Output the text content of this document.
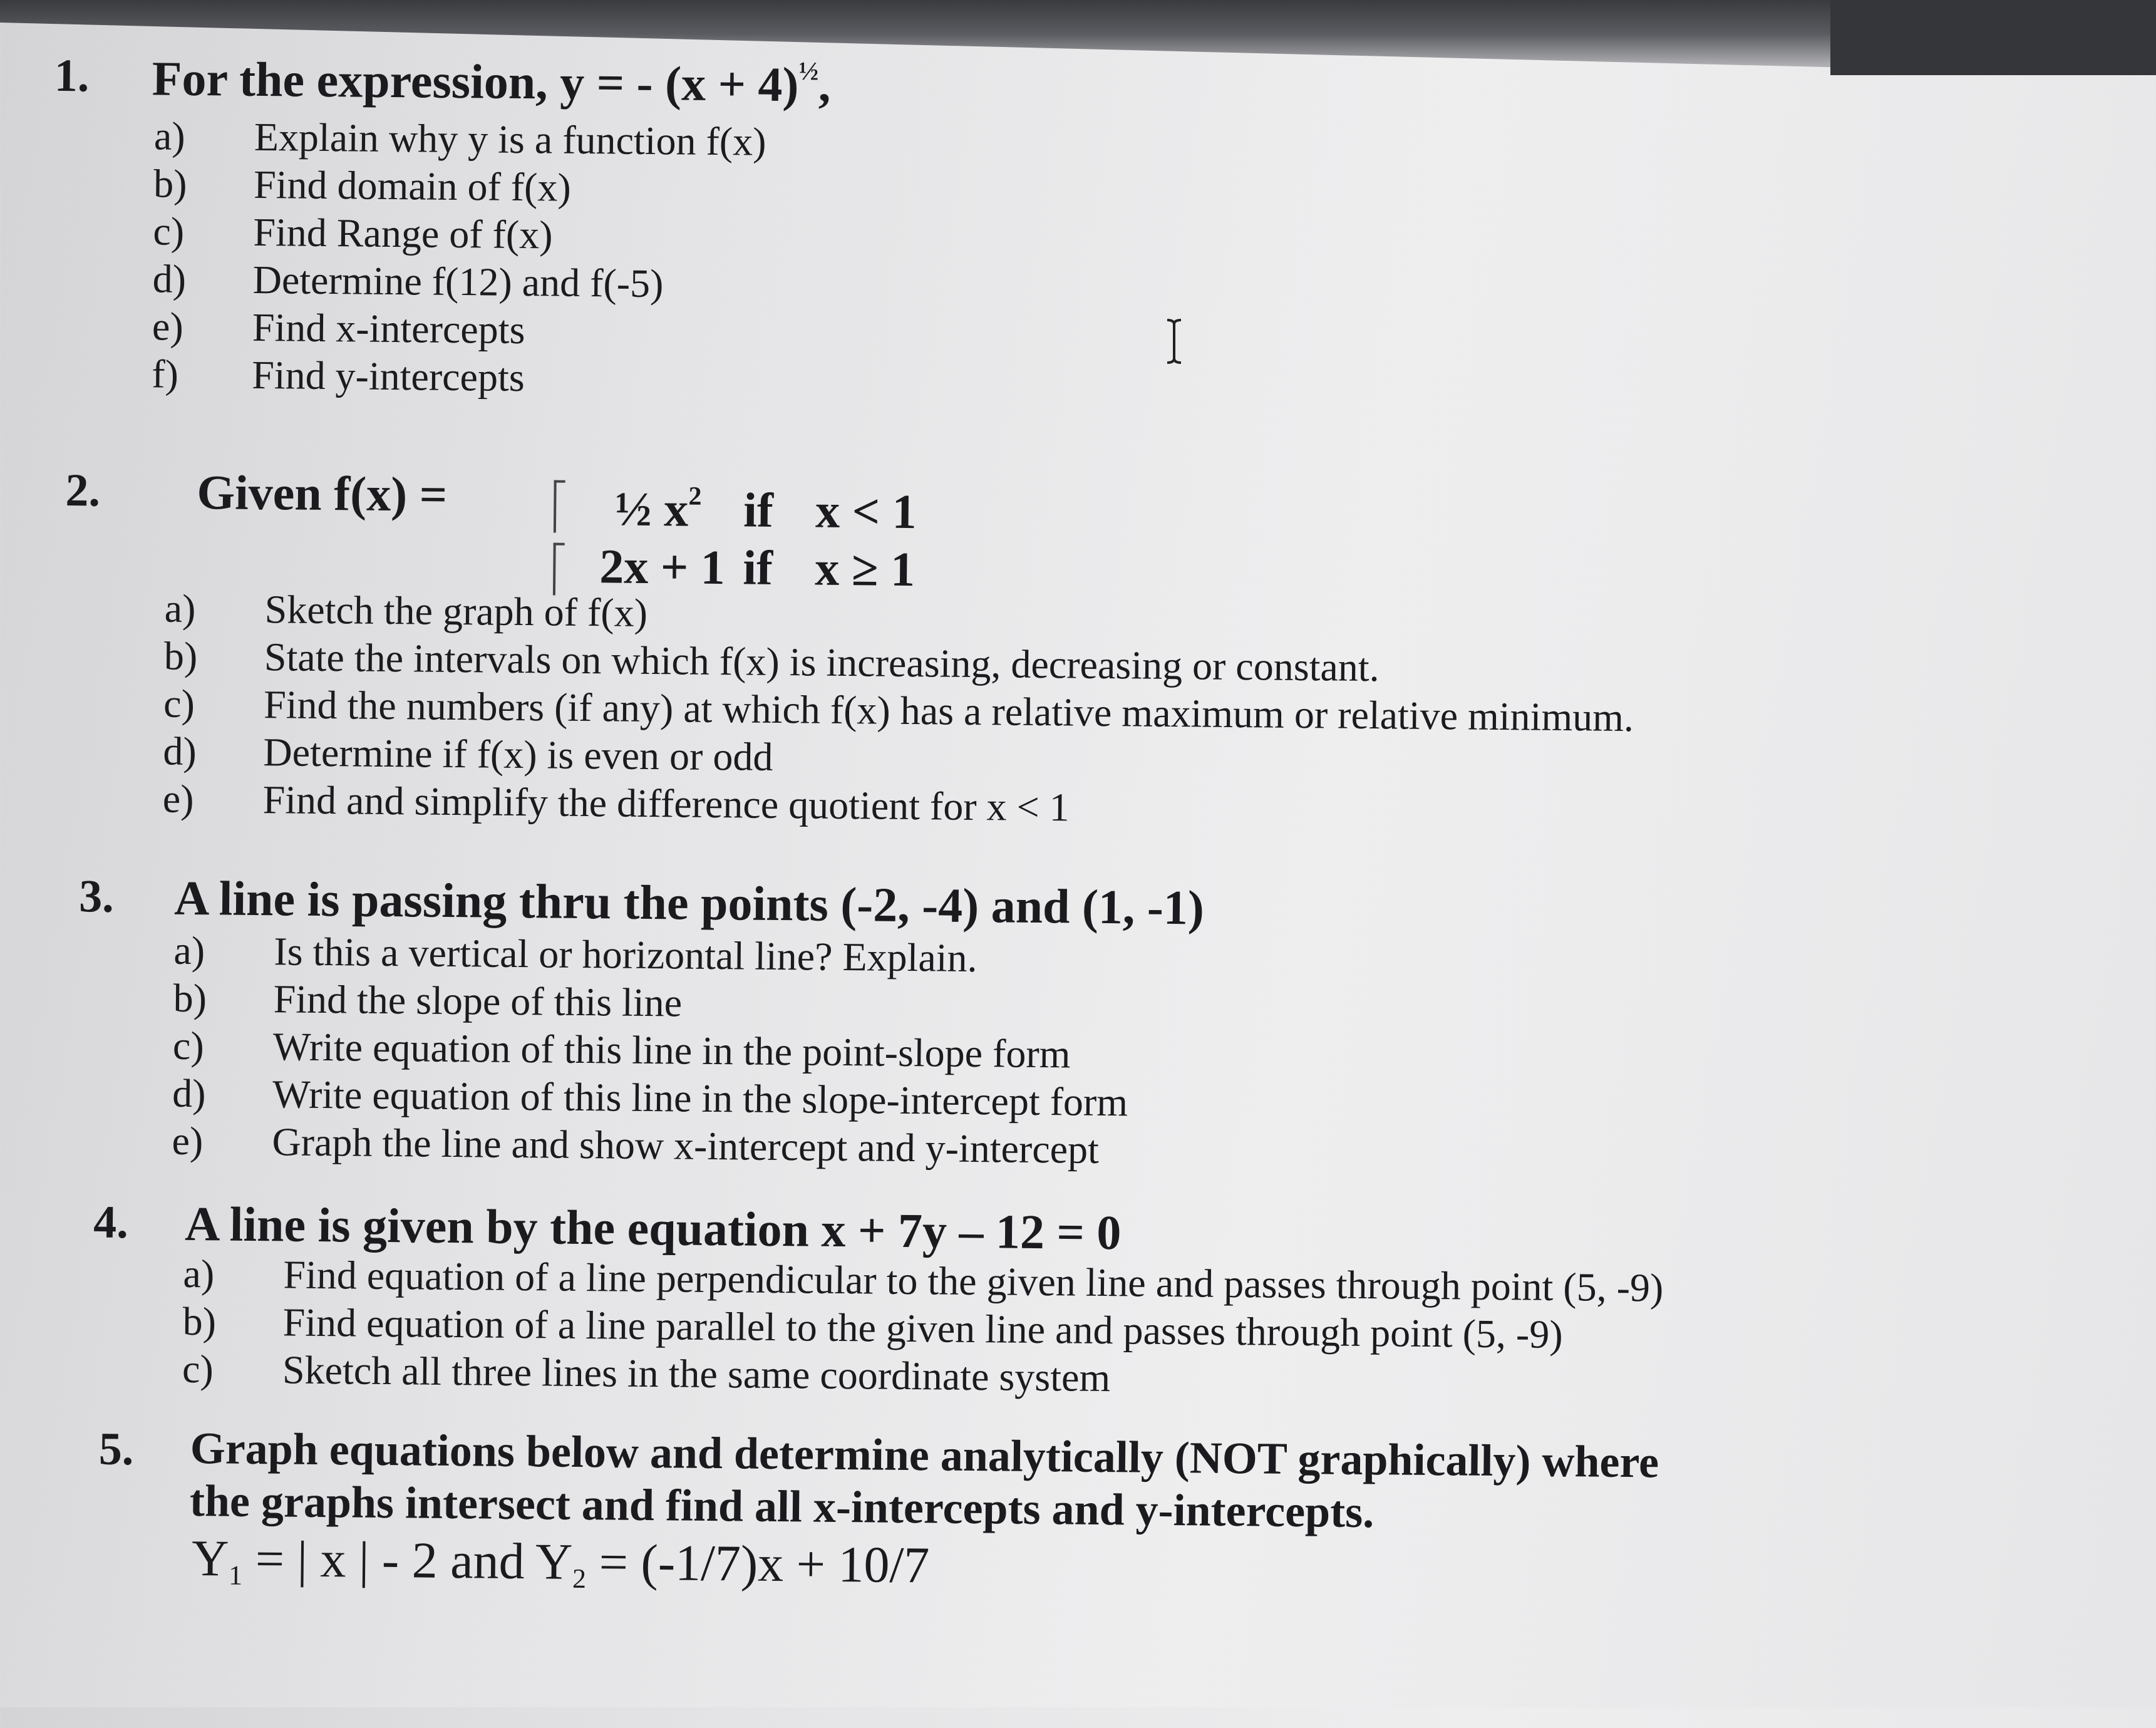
1. For the expression, y = - $(x + 4)^{\frac{1}{2}}$,
a) Explain why y is a function f(x)
b) Find domain of f(x)
c) Find Range of f(x)
d) Determine f(12) and f(-5)
e) Find x-intercepts
f) Find y-intercepts
2. Given f(x) =	½ $x^2$ if x < 1
2x + 1 if x ≥ 1
a) Sketch the graph of f(x)
b) State the intervals on which f(x) is increasing, decreasing or constant.
c) Find the numbers (if any) at which f(x) has a relative maximum or relative minimum.
d) Determine if f(x) is even or odd
e) Find and simplify the difference quotient for x < 1
3. A line is passing thru the points (-2, -4) and (1, -1)
a) Is this a vertical or horizontal line? Explain.
b) Find the slope of this line
c) Write equation of this line in the point-slope form
d) Write equation of this line in the slope-intercept form
e) Graph the line and show x-intercept and y-intercept
4. A line is given by the equation x + 7y – 12 = 0
a) Find equation of a line perpendicular to the given line and passes through point (5, -9)
b) Find equation of a line parallel to the given line and passes through point (5, -9)
c) Sketch all three lines in the same coordinate system
5. Graph equations below and determine analytically (NOT graphically) where
the graphs intersect and find all x-intercepts and y-intercepts.
Y1 = | x | - 2 and Y2 = (-1/7)x + 10/7
